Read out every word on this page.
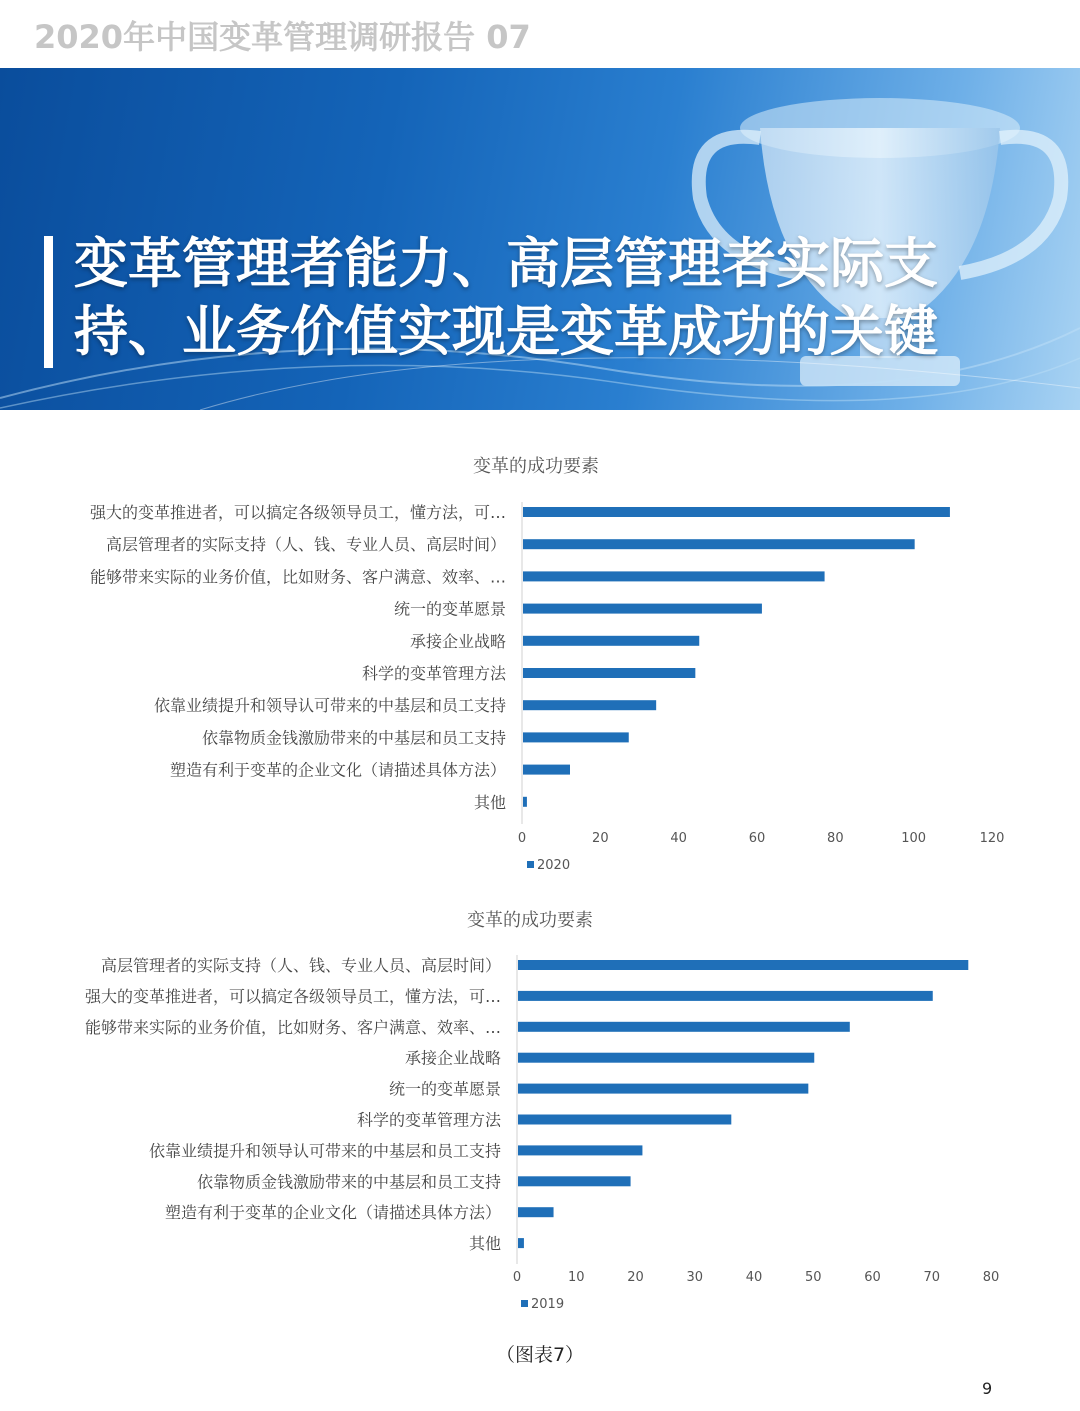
2020年中国变革管理调研报告 07
变革管理者能力、高层管理者实际支
持、业务价值实现是变革成功的关键
变革的成功要素
强大的变革推进者，可以搞定各级领导员工，懂方法，可…
高层管理者的实际支持（人、钱、专业人员、高层时间）
能够带来实际的业务价值，比如财务、客户满意、效率、…
统一的变革愿景
承接企业战略
科学的变革管理方法
依靠业绩提升和领导认可带来的中基层和员工支持
依靠物质金钱激励带来的中基层和员工支持
塑造有利于变革的企业文化（请描述具体方法）
其他
0	20	40	60	80	100	120
2020
变革的成功要素
高层管理者的实际支持（人、钱、专业人员、高层时间）
强大的变革推进者，可以搞定各级领导员工，懂方法，可…
能够带来实际的业务价值，比如财务、客户满意、效率、…
承接企业战略
统一的变革愿景
科学的变革管理方法
依靠业绩提升和领导认可带来的中基层和员工支持
依靠物质金钱激励带来的中基层和员工支持
塑造有利于变革的企业文化（请描述具体方法）
其他
0	10	20	30	40	50	60	70	80
2019
（图表7）
9
